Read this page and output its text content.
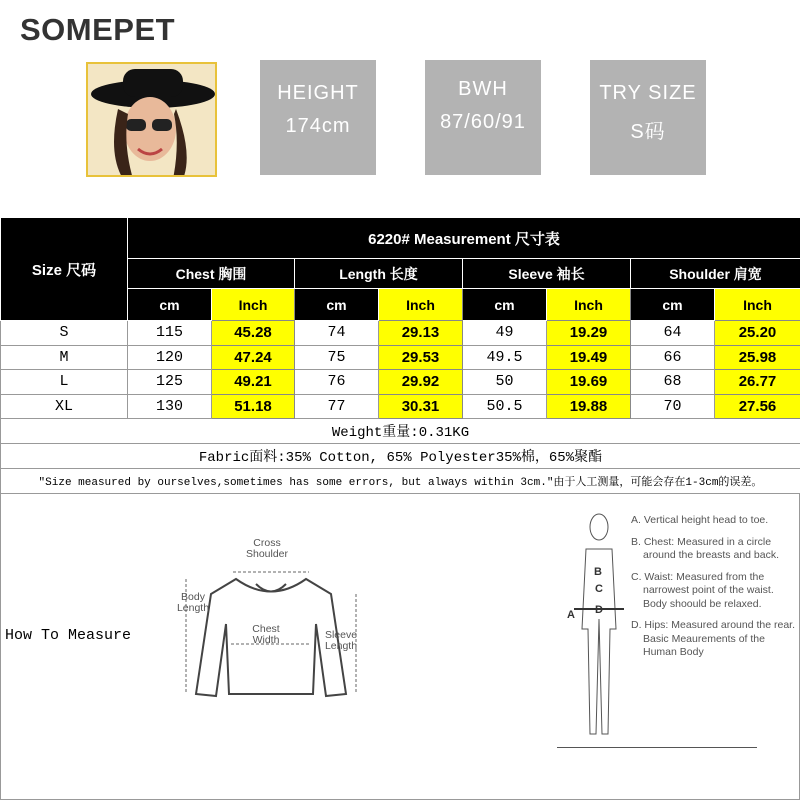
SOMEPET
HEIGHT
174cm
BWH
87/60/91
TRY SIZE
S码
Size 尺码	6220# Measurement 尺寸表							
	Chest 胸围		Length 长度		Sleeve 袖长		Shoulder 肩宽	
	cm	Inch	cm	Inch	cm	Inch	cm	Inch
S	115	45.28	74	29.13	49	19.29	64	25.20
M	120	47.24	75	29.53	49.5	19.49	66	25.98
L	125	49.21	76	29.92	50	19.69	68	26.77
XL	130	51.18	77	30.31	50.5	19.88	70	27.56
Weight重量:0.31KG								
Fabric面料:35% Cotton, 65% Polyester35%棉，65%聚酯								
"Size measured by ourselves,sometimes has some errors, but always within 3cm."由于人工测量，可能会存在1-3cm的误差。								
How To Measure
Cross Shoulder
Body Length
Chest Width	Sleeve Length
B
C
D
A

A. Vertical height head to toe.

B. Chest: Measured in a circle around the breasts and back.

C. Waist: Measured from the narrowest point of the waist. Body shoould be relaxed.

D. Hips: Measured around the rear. Basic Meaurements of the Human Body
